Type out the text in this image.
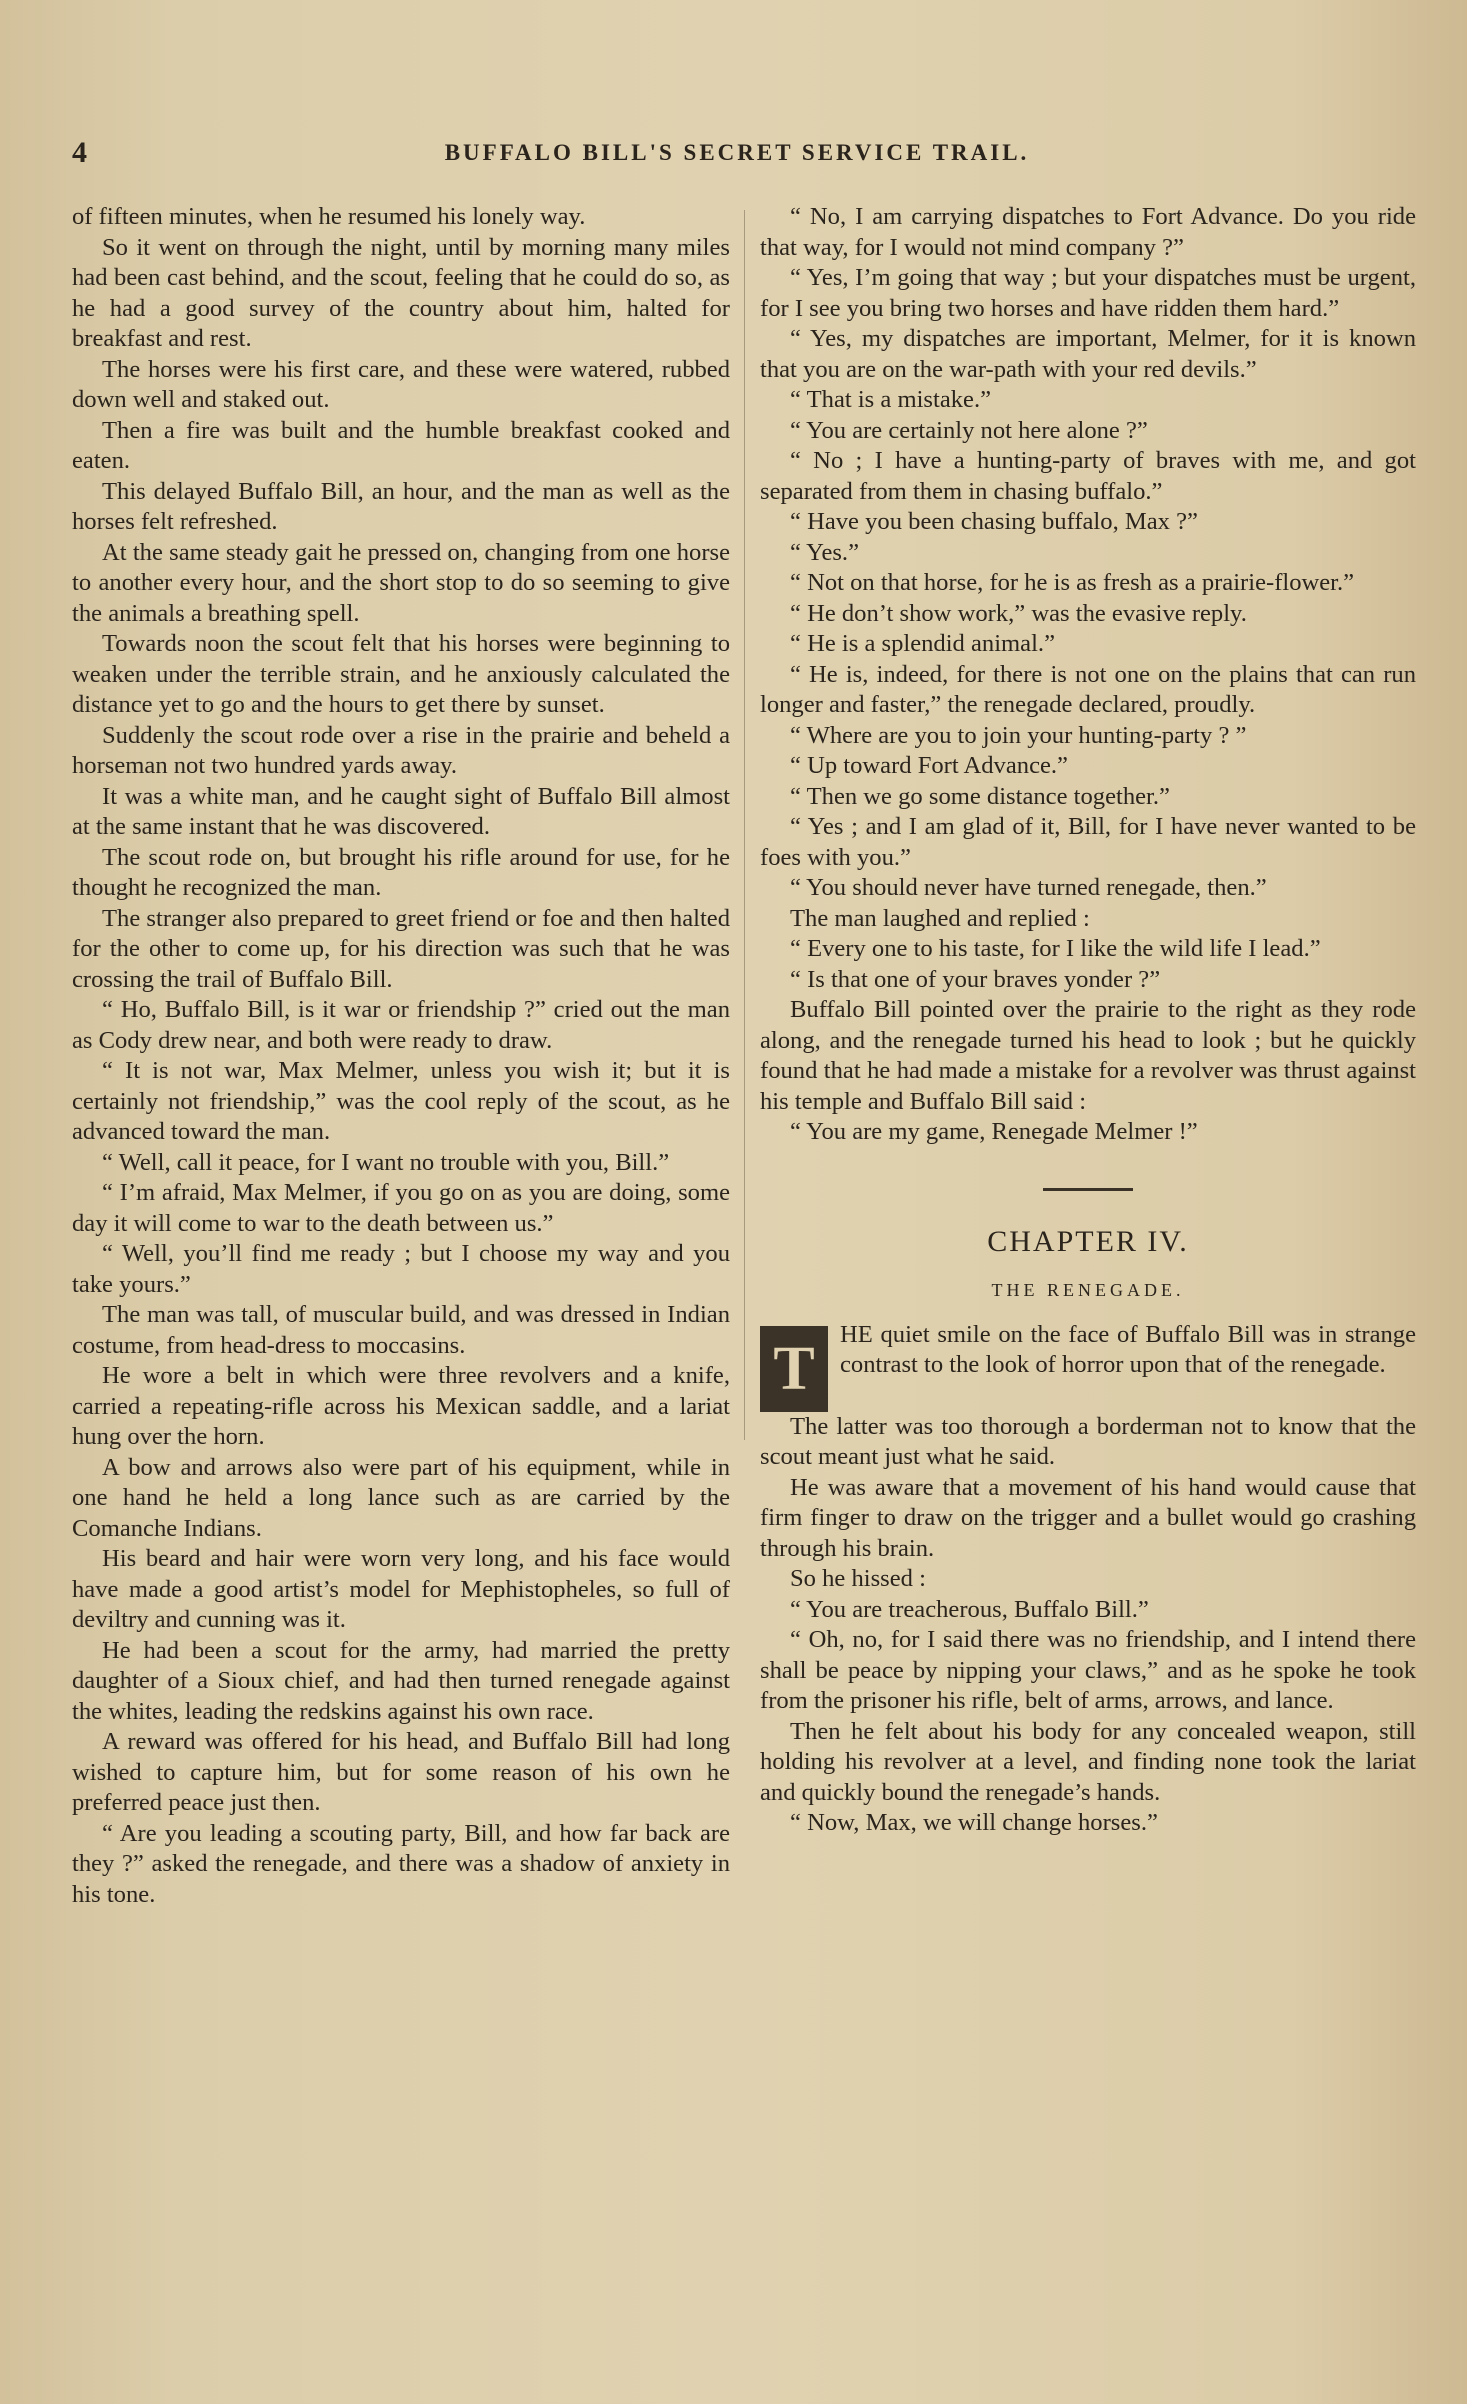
4	BUFFALO BILL'S SECRET SERVICE TRAIL.

of fifteen minutes, when he resumed his lonely way.

So it went on through the night, until by morning many miles had been cast behind, and the scout, feeling that he could do so, as he had a good survey of the country about him, halted for breakfast and rest.

The horses were his first care, and these were watered, rubbed down well and staked out.

Then a fire was built and the humble breakfast cooked and eaten.

This delayed Buffalo Bill, an hour, and the man as well as the horses felt refreshed.

At the same steady gait he pressed on, changing from one horse to another every hour, and the short stop to do so seeming to give the animals a breathing spell.

Towards noon the scout felt that his horses were beginning to weaken under the terrible strain, and he anxiously calculated the distance yet to go and the hours to get there by sunset.

Suddenly the scout rode over a rise in the prairie and beheld a horseman not two hundred yards away.

It was a white man, and he caught sight of Buffalo Bill almost at the same instant that he was discovered.

The scout rode on, but brought his rifle around for use, for he thought he recognized the man.

The stranger also prepared to greet friend or foe and then halted for the other to come up, for his direction was such that he was crossing the trail of Buffalo Bill.

“ Ho, Buffalo Bill, is it war or friendship ?” cried out the man as Cody drew near, and both were ready to draw.

“ It is not war, Max Melmer, unless you wish it; but it is certainly not friendship,” was the cool reply of the scout, as he advanced toward the man.

“ Well, call it peace, for I want no trouble with you, Bill.”

“ I’m afraid, Max Melmer, if you go on as you are doing, some day it will come to war to the death between us.”

“ Well, you’ll find me ready ; but I choose my way and you take yours.”

The man was tall, of muscular build, and was dressed in Indian costume, from head-dress to moccasins.

He wore a belt in which were three revolvers and a knife, carried a repeating-rifle across his Mexican saddle, and a lariat hung over the horn.

A bow and arrows also were part of his equipment, while in one hand he held a long lance such as are carried by the Comanche Indians.

His beard and hair were worn very long, and his face would have made a good artist’s model for Mephistopheles, so full of deviltry and cunning was it.

He had been a scout for the army, had married the pretty daughter of a Sioux chief, and had then turned renegade against the whites, leading the redskins against his own race.

A reward was offered for his head, and Buffalo Bill had long wished to capture him, but for some reason of his own he preferred peace just then.

“ Are you leading a scouting party, Bill, and how far back are they ?” asked the renegade, and there was a shadow of anxiety in his tone.

“ No, I am carrying dispatches to Fort Advance. Do you ride that way, for I would not mind company ?”

“ Yes, I’m going that way ; but your dispatches must be urgent, for I see you bring two horses and have ridden them hard.”

“ Yes, my dispatches are important, Melmer, for it is known that you are on the war-path with your red devils.”

“ That is a mistake.”

“ You are certainly not here alone ?”

“ No ; I have a hunting-party of braves with me, and got separated from them in chasing buffalo.”

“ Have you been chasing buffalo, Max ?”

“ Yes.”

“ Not on that horse, for he is as fresh as a prairie-flower.”

“ He don’t show work,” was the evasive reply.

“ He is a splendid animal.”

“ He is, indeed, for there is not one on the plains that can run longer and faster,” the renegade declared, proudly.

“ Where are you to join your hunting-party ? ”

“ Up toward Fort Advance.”

“ Then we go some distance together.”

“ Yes ; and I am glad of it, Bill, for I have never wanted to be foes with you.”

“ You should never have turned renegade, then.”

The man laughed and replied :

“ Every one to his taste, for I like the wild life I lead.”

“ Is that one of your braves yonder ?”

Buffalo Bill pointed over the prairie to the right as they rode along, and the renegade turned his head to look ; but he quickly found that he had made a mistake for a revolver was thrust against his temple and Buffalo Bill said :

“ You are my game, Renegade Melmer !”

CHAPTER IV.
THE RENEGADE.
T

HE quiet smile on the face of Buffalo Bill was in strange contrast to the look of horror upon that of the renegade.

The latter was too thorough a borderman not to know that the scout meant just what he said.

He was aware that a movement of his hand would cause that firm finger to draw on the trigger and a bullet would go crashing through his brain.

So he hissed :

“ You are treacherous, Buffalo Bill.”

“ Oh, no, for I said there was no friendship, and I intend there shall be peace by nipping your claws,” and as he spoke he took from the prisoner his rifle, belt of arms, arrows, and lance.

Then he felt about his body for any concealed weapon, still holding his revolver at a level, and finding none took the lariat and quickly bound the renegade’s hands.

“ Now, Max, we will change horses.”
